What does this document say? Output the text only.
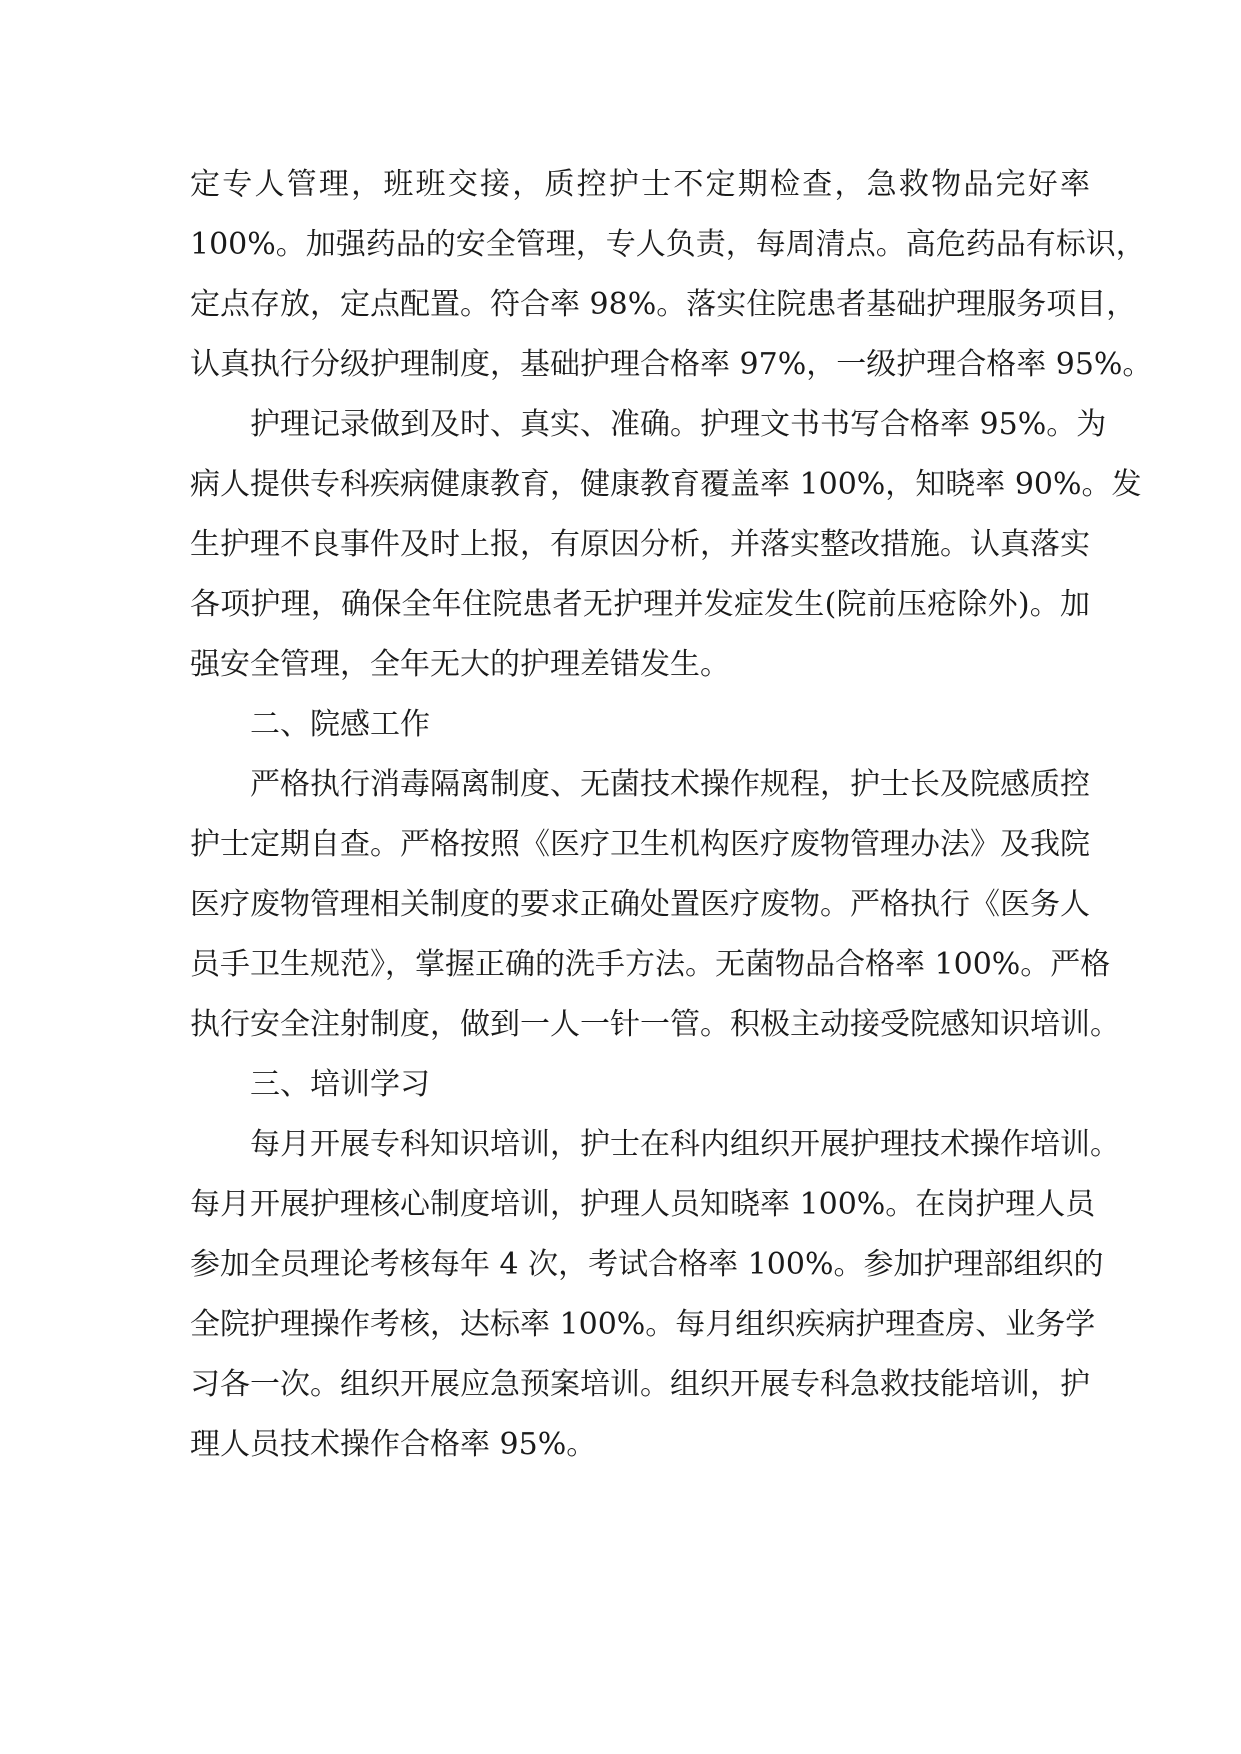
定专人管理，班班交接，质控护士不定期检查，急救物品完好率
100%。加强药品的安全管理，专人负责，每周清点。高危药品有标识，
定点存放，定点配置。符合率 98%。落实住院患者基础护理服务项目，
认真执行分级护理制度，基础护理合格率 97%，一级护理合格率 95%。
护理记录做到及时、真实、准确。护理文书书写合格率 95%。为
病人提供专科疾病健康教育，健康教育覆盖率 100%，知晓率 90%。发
生护理不良事件及时上报，有原因分析，并落实整改措施。认真落实
各项护理，确保全年住院患者无护理并发症发生(院前压疮除外)。加
强安全管理，全年无大的护理差错发生。
二、院感工作
严格执行消毒隔离制度、无菌技术操作规程，护士长及院感质控
护士定期自查。严格按照《医疗卫生机构医疗废物管理办法》及我院
医疗废物管理相关制度的要求正确处置医疗废物。严格执行《医务人
员手卫生规范》，掌握正确的洗手方法。无菌物品合格率 100%。严格
执行安全注射制度，做到一人一针一管。积极主动接受院感知识培训。
三、培训学习
每月开展专科知识培训，护士在科内组织开展护理技术操作培训。
每月开展护理核心制度培训，护理人员知晓率 100%。在岗护理人员
参加全员理论考核每年 4 次，考试合格率 100%。参加护理部组织的
全院护理操作考核，达标率 100%。每月组织疾病护理查房、业务学
习各一次。组织开展应急预案培训。组织开展专科急救技能培训，护
理人员技术操作合格率 95%。
